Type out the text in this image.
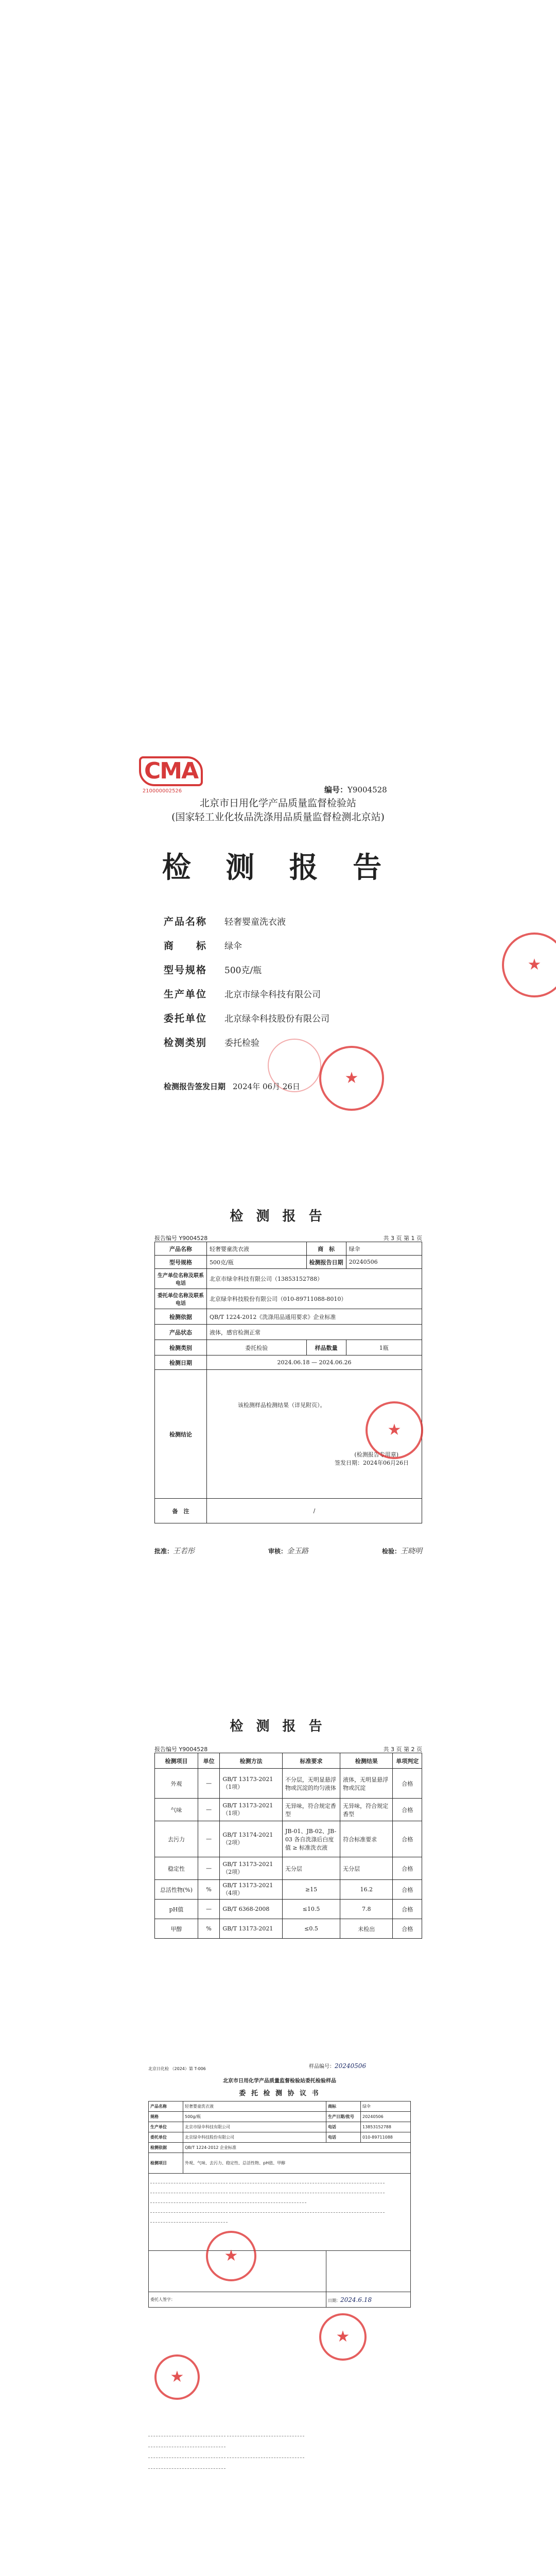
CMA
210000002526	编号：Y9004528
北京市日用化学产品质量监督检验站
(国家轻工业化妆品洗涤用品质量监督检测北京站)
检 测 报 告
产品名称	轻奢婴童洗衣液
商　　标	绿伞
型号规格	500克/瓶
生产单位	北京市绿伞科技有限公司
委托单位	北京绿伞科技股份有限公司
检测类别	委托检验
检测报告签发日期 2024年 06月 26日
★
★
检 测 报 告
报告编号 Y9004528	共 3 页 第 1 页
产品名称	轻奢婴童洗衣液	商　标	绿伞
型号规格	500克/瓶	检测报告日期	20240506
生产单位名称及联系电话	北京市绿伞科技有限公司（13853152788）		
委托单位名称及联系电话	北京绿伞科技股份有限公司（010-89711088-8010）		
检测依据	QB/T 1224-2012《洗涤用品通用要求》企业标准		
产品状态	液体，感官检测正常		
检测类别	委托检验	样品数量	1瓶
检测日期	2024.06.18 — 2024.06.26		
检测结论	该检测样品检测结果（详见附页）。
(检测报告专用章)
签发日期：2024年06月26日		

备　注	/		
★
批准：王若彤	审核：金玉路	检验：王晓明
检 测 报 告
报告编号 Y9004528	共 3 页 第 2 页
检测项目	单位	检测方法	标准要求	检测结果	单项判定
外观	—	GB/T 13173-2021（1项）	不分层，无明显悬浮物或沉淀的均匀液体	液体，无明显悬浮物或沉淀	合格
气味	—	GB/T 13173-2021（1项）	无异味，符合规定香型	无异味，符合规定香型	合格
去污力	—	GB/T 13174-2021（2项）	JB-01、JB-02、JB-03 各自洗涤后白度值 ≥ 标准洗衣液	符合标准要求	合格
稳定性	—	GB/T 13173-2021（2项）	无分层	无分层	合格
总活性物(%)	%	GB/T 13173-2021（4项）	≥15	16.2	合格
pH值	—	GB/T 6368-2008	≤10.5	7.8	合格
甲醇	%	GB/T 13173-2021	≤0.5	未检出	合格
北京日化检 （2024）第 T-006
北京市日用化学产品质量监督检验站委托检验样品
委 托 检 测 协 议 书
样品编号：20240506
产品名称	轻奢婴童洗衣液	商标	绿伞
规格	500g/瓶	生产日期/批号	20240506
生产单位	北京市绿伞科技有限公司	电话	13853152788
委托单位	北京绿伞科技股份有限公司	电话	010-89711088
检测依据	QB/T 1224-2012 企业标准		
检测项目	外观、气味、去污力、稳定性、总活性物、pH值、甲醇		

委托人签字：		日期：2024.6.18	
★
★
★
